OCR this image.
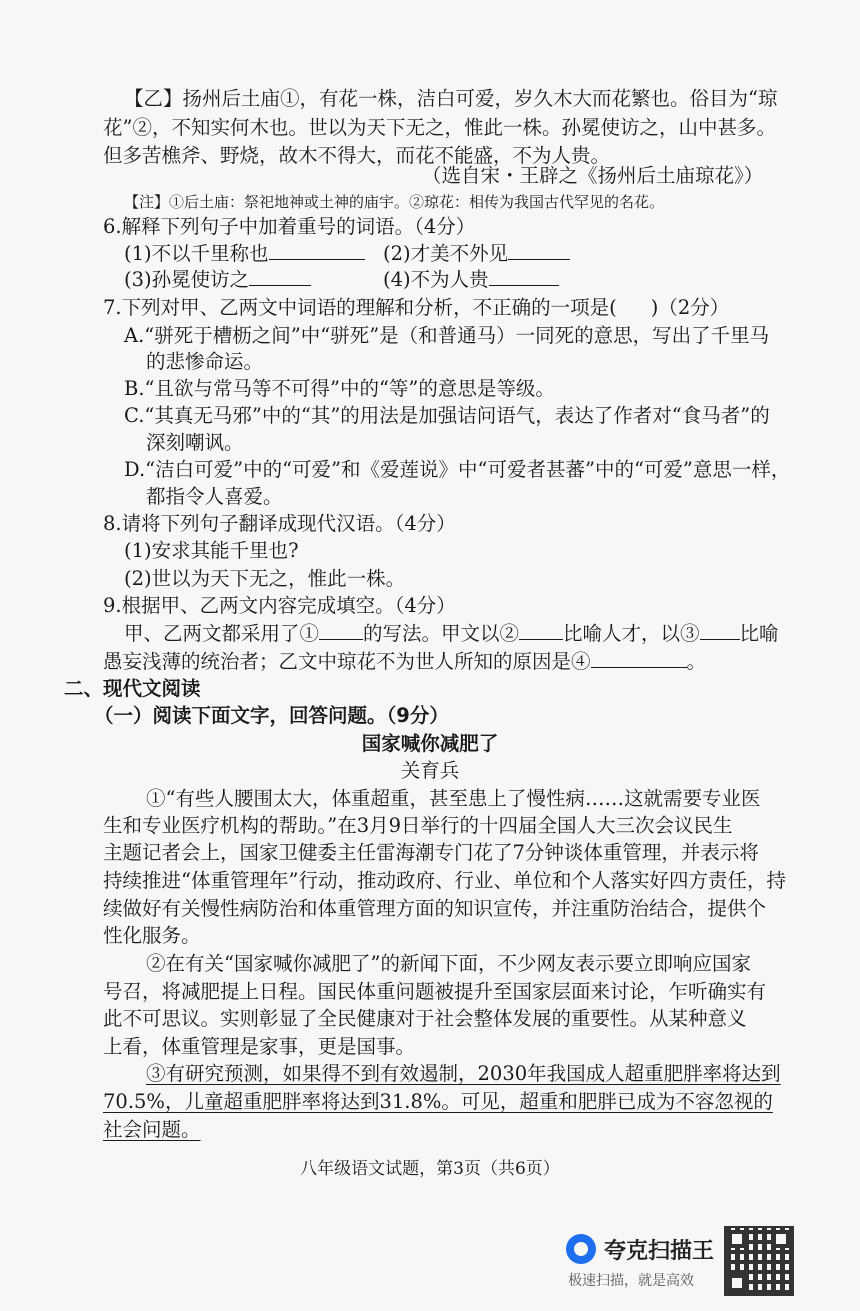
【乙】扬州后土庙①，有花一株，洁白可爱，岁久木大而花繁也。俗目为“琼
花”②，不知实何木也。世以为天下无之，惟此一株。孙冕使访之，山中甚多。
但多苦樵斧、野烧，故木不得大，而花不能盛，不为人贵。
（选自宋・王辟之《扬州后土庙琼花》）
【注】①后土庙：祭祀地神或土神的庙宇。②琼花：相传为我国古代罕见的名花。
6.解释下列句子中加着重号的词语。（4分）
(1)不以千里称也	(2)才美不外见
(3)孙冕使访之	(4)不为人贵
7.下列对甲、乙两文中词语的理解和分析，不正确的一项是( )（2分）
A.“骈死于槽枥之间”中“骈死”是（和普通马）一同死的意思，写出了千里马
的悲惨命运。
B.“且欲与常马等不可得”中的“等”的意思是等级。
C.“其真无马邪”中的“其”的用法是加强诘问语气，表达了作者对“食马者”的
深刻嘲讽。
D.“洁白可爱”中的“可爱”和《爱莲说》中“可爱者甚蕃”中的“可爱”意思一样，
都指令人喜爱。
8.请将下列句子翻译成现代汉语。（4分）
(1)安求其能千里也?
(2)世以为天下无之，惟此一株。
9.根据甲、乙两文内容完成填空。（4分）
甲、乙两文都采用了① 的写法。甲文以② 比喻人才，以③ 比喻
愚妄浅薄的统治者；乙文中琼花不为世人所知的原因是④	。
二、现代文阅读
（一）阅读下面文字，回答问题。（9分）
国家喊你减肥了
关育兵
①“有些人腰围太大，体重超重，甚至患上了慢性病……这就需要专业医
生和专业医疗机构的帮助。”在3月9日举行的十四届全国人大三次会议民生
主题记者会上，国家卫健委主任雷海潮专门花了7分钟谈体重管理，并表示将
持续推进“体重管理年”行动，推动政府、行业、单位和个人落实好四方责任，持
续做好有关慢性病防治和体重管理方面的知识宣传，并注重防治结合，提供个
性化服务。
②在有关“国家喊你减肥了”的新闻下面，不少网友表示要立即响应国家
号召，将减肥提上日程。国民体重问题被提升至国家层面来讨论，乍听确实有
此不可思议。实则彰显了全民健康对于社会整体发展的重要性。从某种意义
上看，体重管理是家事，更是国事。
③有研究预测，如果得不到有效遏制，2030年我国成人超重肥胖率将达到
70.5%，儿童超重肥胖率将达到31.8%。可见，超重和肥胖已成为不容忽视的
社会问题。
八年级语文试题，第3页（共6页）
夸克扫描王
极速扫描，就是高效
